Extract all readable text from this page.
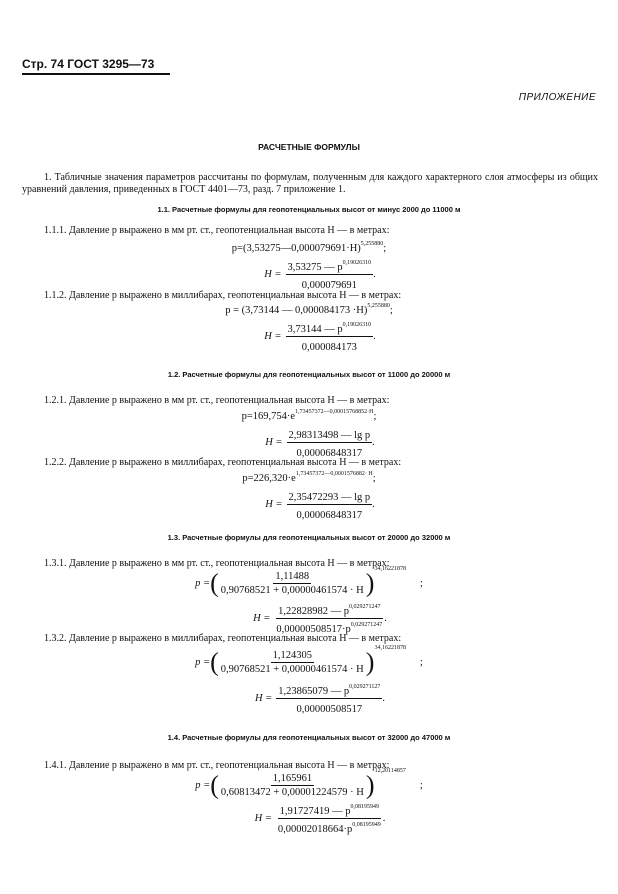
Стр. 74 ГОСТ 3295—73
ПРИЛОЖЕНИЕ
РАСЧЕТНЫЕ ФОРМУЛЫ
1. Табличные значения параметров рассчитаны по формулам, полученным для каждого характерного слоя атмосферы из общих уравнений давления, приведенных в ГОСТ 4401—73, разд. 7 приложение 1.
1.1. Расчетные формулы для геопотенциальных высот от минус 2000 до 11000 м
1.1.1. Давление p выражено в мм рт. ст., геопотенциальная высота H — в метрах:
p=(3,53275—0,000079691·H)$^{5,255880}$;
$H = \frac{3,53275 — p^{0,19026310}}{0,000079691}$ .
1.1.2. Давление p выражено в миллибарах, геопотенциальная высота H — в метрах:
p = (3,73144 — 0,000084173 ·H)$^{5,255880}$;
$H = \frac{3,73144 — p^{0,19026310}}{0,000084173}$ .
1.2. Расчетные формулы для геопотенциальных высот от 11000 до 20000 м
1.2.1. Давление p выражено в мм рт. ст., геопотенциальная высота H — в метрах:
$p=169,754\cdot e^{1,73457372—0,00015768852\cdot H}$;
$H = \frac{\text{2,98313498 — lg p}}{0,00006848317}$ .
1.2.2. Давление p выражено в миллибарах, геопотенциальная высота H — в метрах:
$p=226,320\cdot e^{1,73457372—0,0001576882\cdot H}$;
$H = \frac{\text{2,35472293 — lg p}}{0,00006848317}$ .
1.3. Расчетные формулы для геопотенциальных высот от 20000 до 32000 м
1.3.1. Давление p выражено в мм рт. ст., геопотенциальная высота H — в метрах:
p =( $\frac{1,11488}{0,90768521 + 0,00000461574 \cdot H} )^{34,16221878}$;
$H = \frac{1,22828982 — p^{0,029271247}}{0,00000508517\cdot p^{0,029271247}}$ .
1.3.2. Давление p выражено в миллибарах, геопотенциальная высота H — в метрах:
p =( $\frac{1,124305}{0,90768521 + 0,00000461574 \cdot H} )^{34,16221878}$;
$H = \frac{1,23865079 — p^{0,029271127}}{0,00000508517}$ .
1.4. Расчетные формулы для геопотенциальных высот от 32000 до 47000 м
1.4.1. Давление p выражено в мм рт. ст., геопотенциальная высота H — в метрах:
p =( $\frac{1,165961}{0,60813472 + 0,00001224579 \cdot H} )^{12,20114857}$;
$H = \frac{1,91727419 — p^{0,08195949}}{0,00002018664\cdot p^{0,08195949}}$ .
